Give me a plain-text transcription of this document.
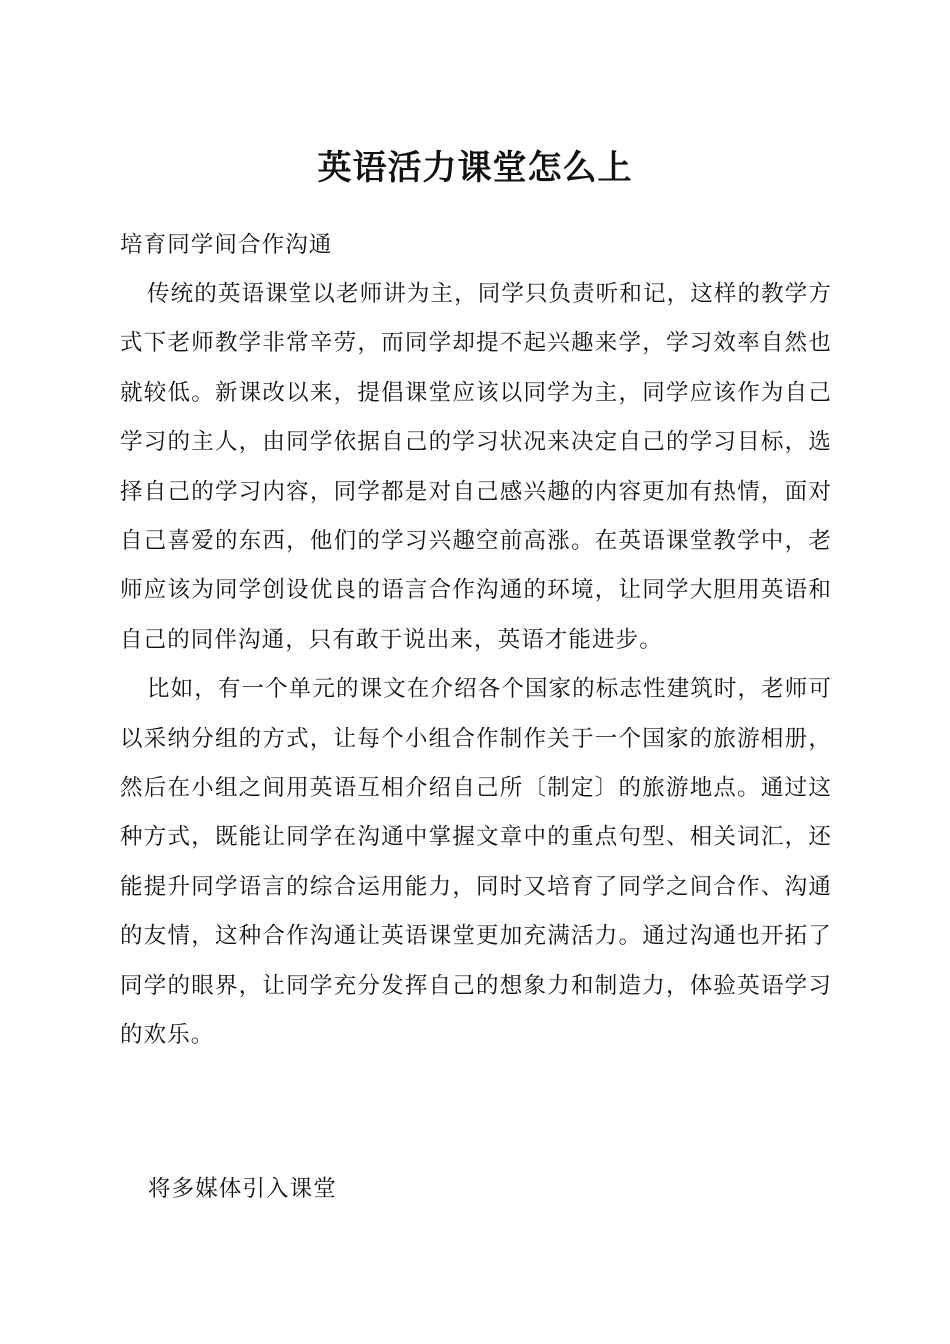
英语活力课堂怎么上
培育同学间合作沟通

传统的英语课堂以老师讲为主，同学只负责听和记，这样的教学方式下老师教学非常辛劳，而同学却提不起兴趣来学，学习效率自然也就较低。新课改以来，提倡课堂应该以同学为主，同学应该作为自己学习的主人，由同学依据自己的学习状况来决定自己的学习目标，选择自己的学习内容，同学都是对自己感兴趣的内容更加有热情，面对自己喜爱的东西，他们的学习兴趣空前高涨。在英语课堂教学中，老师应该为同学创设优良的语言合作沟通的环境，让同学大胆用英语和自己的同伴沟通，只有敢于说出来，英语才能进步。

比如，有一个单元的课文在介绍各个国家的标志性建筑时，老师可以采纳分组的方式，让每个小组合作制作关于一个国家的旅游相册，然后在小组之间用英语互相介绍自己所〔制定〕的旅游地点。通过这种方式，既能让同学在沟通中掌握文章中的重点句型、相关词汇，还能提升同学语言的综合运用能力，同时又培育了同学之间合作、沟通的友情，这种合作沟通让英语课堂更加充满活力。通过沟通也开拓了同学的眼界，让同学充分发挥自己的想象力和制造力，体验英语学习的欢乐。

将多媒体引入课堂
